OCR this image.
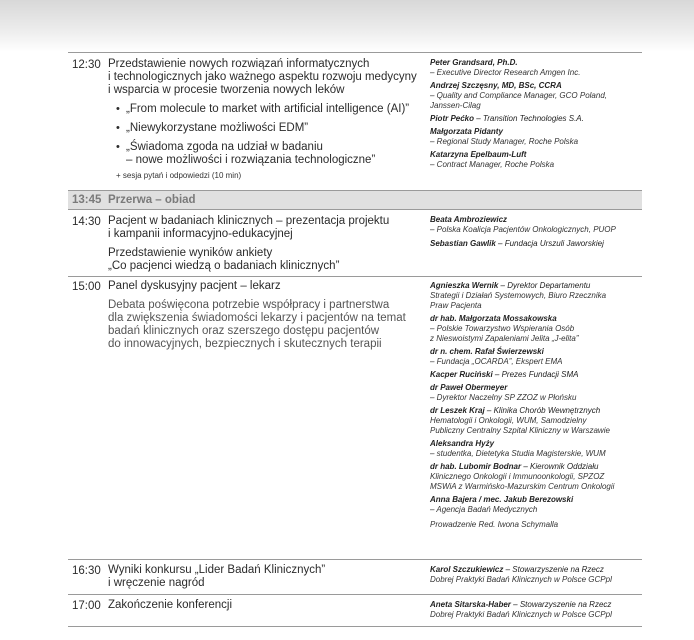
12:30 Przedstawienie nowych rozwiązań informatycznych
i technologicznych jako ważnego aspektu rozwoju medycyny
i wsparcia w procesie tworzenia nowych leków
• „From molecule to market with artificial intelligence (AI)”
• „Niewykorzystane możliwości EDM”
• „Świadoma zgoda na udział w badaniu
– nowe możliwości i rozwiązania technologiczne”
+ sesja pytań i odpowiedzi (10 min)
Peter Grandsard, Ph.D.
– Executive Director Research Amgen Inc.
Andrzej Szczęsny, MD, BSc, CCRA
– Quality and Compliance Manager, GCO Poland,
Janssen-Cilag
Piotr Pećko – Transition Technologies S.A.
Małgorzata Pidanty
– Regional Study Manager, Roche Polska
Katarzyna Epelbaum-Luft
– Contract Manager, Roche Polska
13:45 Przerwa – obiad
14:30 Pacjent w badaniach klinicznych – prezentacja projektu
i kampanii informacyjno-edukacyjnej
Przedstawienie wyników ankiety
„Co pacjenci wiedzą o badaniach klinicznych”
Beata Ambroziewicz
– Polska Koalicja Pacjentów Onkologicznych, PUOP
Sebastian Gawlik – Fundacja Urszuli Jaworskiej
15:00 Panel dyskusyjny pacjent – lekarz
Debata poświęcona potrzebie współpracy i partnerstwa
dla zwiększenia świadomości lekarzy i pacjentów na temat
badań klinicznych oraz szerszego dostępu pacjentów
do innowacyjnych, bezpiecznych i skutecznych terapii
Agnieszka Wernik – Dyrektor Departamentu
Strategii i Działań Systemowych, Biuro Rzecznika
Praw Pacjenta
dr hab. Małgorzata Mossakowska
– Polskie Towarzystwo Wspierania Osób
z Nieswoistymi Zapaleniami Jelita „J-elita”
dr n. chem. Rafał Świerzewski
– Fundacja „OCARDA”, Ekspert EMA
Kacper Ruciński – Prezes Fundacji SMA
dr Paweł Obermeyer
– Dyrektor Naczelny SP ZZOZ w Płońsku
dr Leszek Kraj – Klinika Chorób Wewnętrznych
Hematologii i Onkologii, WUM, Samodzielny
Publiczny Centralny Szpital Kliniczny w Warszawie
Aleksandra Hyży
– studentka, Dietetyka Studia Magisterskie, WUM
dr hab. Lubomir Bodnar – Kierownik Oddziału
Klinicznego Onkologii i Immunoonkologii, SPZOZ
MSWiA z Warmińsko-Mazurskim Centrum Onkologii
Anna Bajera / mec. Jakub Berezowski
– Agencja Badań Medycznych
Prowadzenie Red. Iwona Schymalla
16:30 Wyniki konkursu „Lider Badań Klinicznych”
i wręczenie nagród
Karol Szczukiewicz – Stowarzyszenie na Rzecz
Dobrej Praktyki Badań Klinicznych w Polsce GCPpl
17:00 Zakończenie konferencji	Aneta Sitarska-Haber – Stowarzyszenie na Rzecz
Dobrej Praktyki Badań Klinicznych w Polsce GCPpl
